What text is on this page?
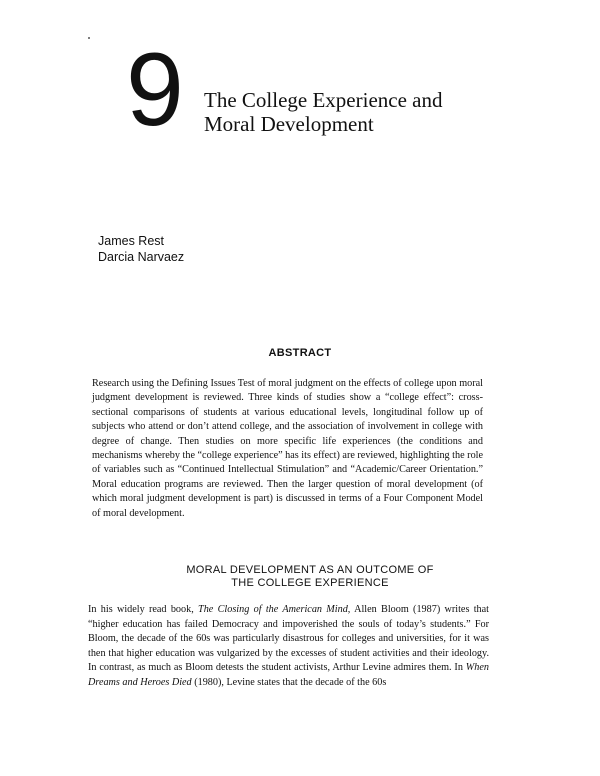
9 The College Experience and
Moral Development
James Rest
Darcia Narvaez
ABSTRACT

Research using the Defining Issues Test of moral judgment on the effects of college upon moral judgment development is reviewed. Three kinds of studies show a “college effect”: cross-sectional comparisons of students at various educational levels, longitudinal follow up of subjects who attend or don’t attend college, and the association of involvement in college with degree of change. Then studies on more specific life experiences (the conditions and mechanisms whereby the “college experience” has its effect) are reviewed, highlighting the role of variables such as “Continued Intellectual Stimulation” and “Academic/Career Orientation.” Moral education programs are reviewed. Then the larger question of moral development (of which moral judgment development is part) is discussed in terms of a Four Component Model of moral development.

MORAL DEVELOPMENT AS AN OUTCOME OF
THE COLLEGE EXPERIENCE

In his widely read book, The Closing of the American Mind, Allen Bloom (1987) writes that “higher education has failed Democracy and impoverished the souls of today’s students.” For Bloom, the decade of the 60s was particularly disastrous for colleges and universities, for it was then that higher education was vulgarized by the excesses of student activities and their ideology. In contrast, as much as Bloom detests the student activists, Arthur Levine admires them. In When Dreams and Heroes Died (1980), Levine states that the decade of the 60s
